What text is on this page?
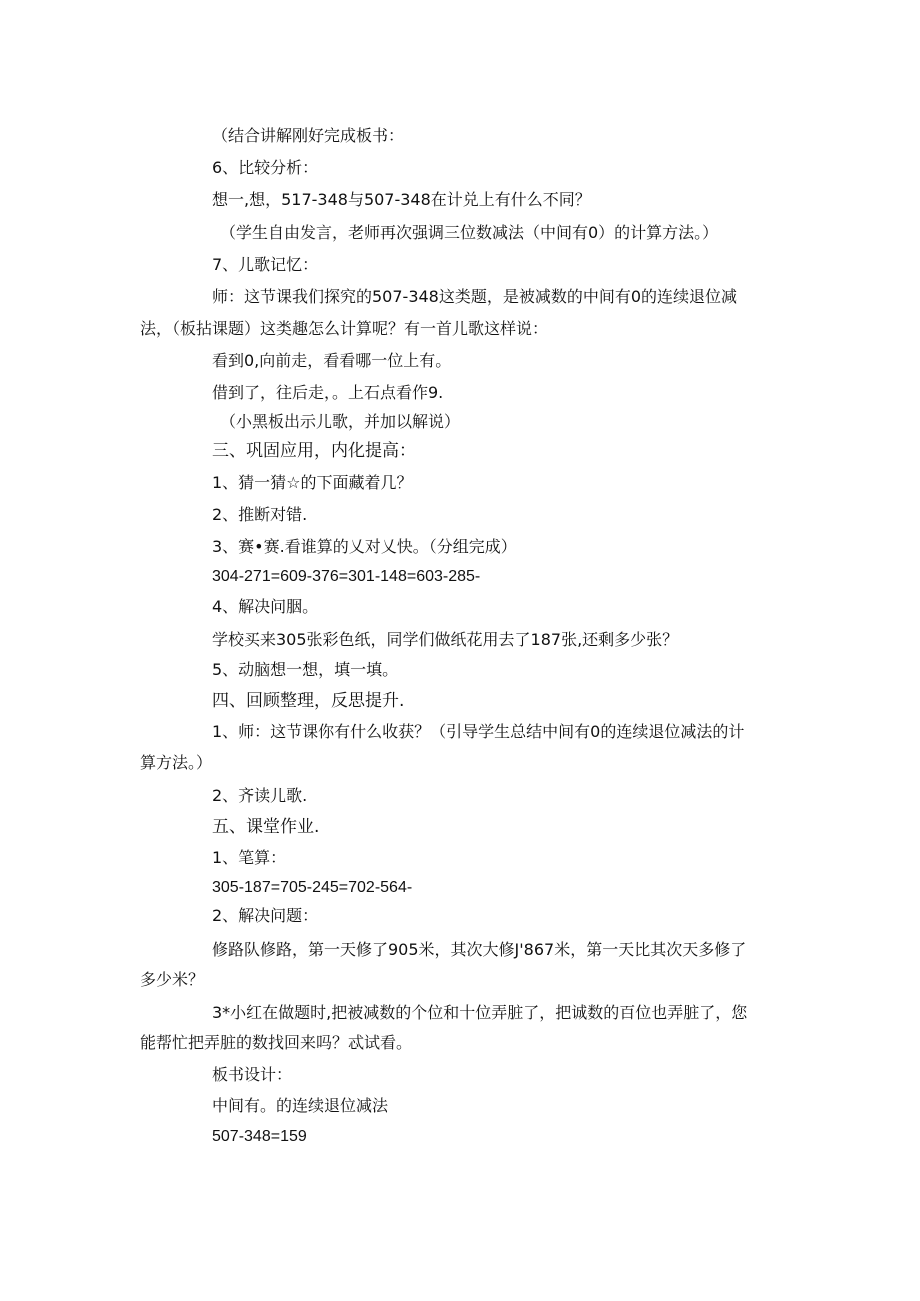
（结合讲解刚好完成板书：
6、比较分析：
想一,想，517-348与507-348在计兑上有什么不同？
（学生自由发言，老师再次强调三位数减法（中间有0）的计算方法。）
7、儿歌记忆：
师：这节课我们探究的507-348这类题，是被减数的中间有0的连续退位减
法，（板拈课题）这类趣怎么计算呢？有一首儿歌这样说：
看到0,向前走，看看哪一位上有。
借到了，往后走，。上石点看作9.
（小黑板出示儿歌，并加以解说）
三、巩固应用，内化提高：
1、猜一猜☆的下面藏着几？
2、推断对错.
3、赛•赛.看谁算的乂对乂快。（分组完成）
304-271=609-376=301-148=603-285-
4、解决问胭。
学校买来305张彩色纸，同学们做纸花用去了187张,还剩多少张？
5、动脑想一想，填一填。
四、回顾整理，反思提升.
1、师：这节课你有什么收获？（引导学生总结中间有0的连续退位减法的计
算方法。）
2、齐读儿歌.
五、课堂作业.
1、笔算：
305-187=705-245=702-564-
2、解决问题：
修路队修路，第一天修了905米，其次大修J'867米，第一天比其次天多修了
多少米？
3*小红在做题时,把被减数的个位和十位弄脏了，把诚数的百位也弄脏了，您
能帮忙把弄脏的数找回来吗？忒试看。
板书设计：
中间有。的连续退位减法
507-348=159
